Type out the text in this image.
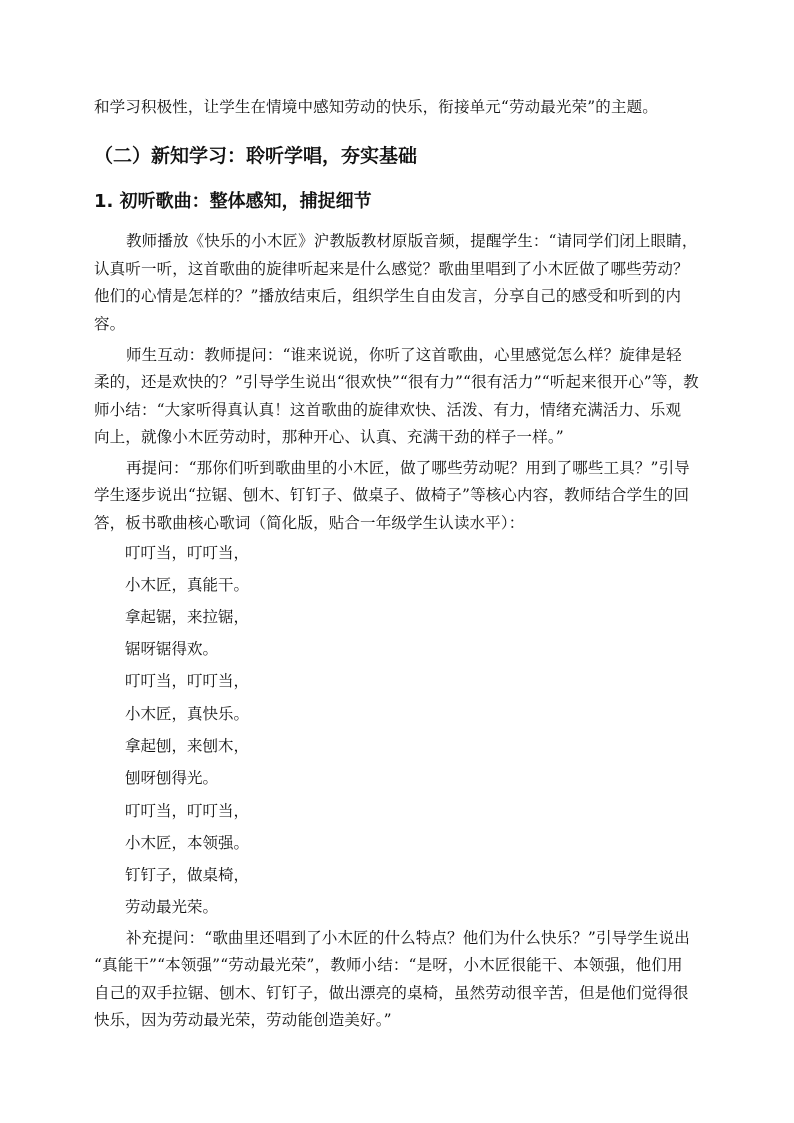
和学习积极性，让学生在情境中感知劳动的快乐，衔接单元“劳动最光荣”的主题。
（二）新知学习：聆听学唱，夯实基础
1. 初听歌曲：整体感知，捕捉细节
教师播放《快乐的小木匠》沪教版教材原版音频，提醒学生：“请同学们闭上眼睛，
认真听一听，这首歌曲的旋律听起来是什么感觉？歌曲里唱到了小木匠做了哪些劳动？
他们的心情是怎样的？”播放结束后，组织学生自由发言，分享自己的感受和听到的内
容。
师生互动：教师提问：“谁来说说，你听了这首歌曲，心里感觉怎么样？旋律是轻
柔的，还是欢快的？”引导学生说出“很欢快”“很有力”“很有活力”“听起来很开心”等，教
师小结：“大家听得真认真！这首歌曲的旋律欢快、活泼、有力，情绪充满活力、乐观
向上，就像小木匠劳动时，那种开心、认真、充满干劲的样子一样。”
再提问：“那你们听到歌曲里的小木匠，做了哪些劳动呢？用到了哪些工具？”引导
学生逐步说出“拉锯、刨木、钉钉子、做桌子、做椅子”等核心内容，教师结合学生的回
答，板书歌曲核心歌词（简化版，贴合一年级学生认读水平）：
叮叮当，叮叮当，
小木匠，真能干。
拿起锯，来拉锯，
锯呀锯得欢。
叮叮当，叮叮当，
小木匠，真快乐。
拿起刨，来刨木，
刨呀刨得光。
叮叮当，叮叮当，
小木匠，本领强。
钉钉子，做桌椅，
劳动最光荣。
补充提问：“歌曲里还唱到了小木匠的什么特点？他们为什么快乐？”引导学生说出
“真能干”“本领强”“劳动最光荣”，教师小结：“是呀，小木匠很能干、本领强，他们用
自己的双手拉锯、刨木、钉钉子，做出漂亮的桌椅，虽然劳动很辛苦，但是他们觉得很
快乐，因为劳动最光荣，劳动能创造美好。”
